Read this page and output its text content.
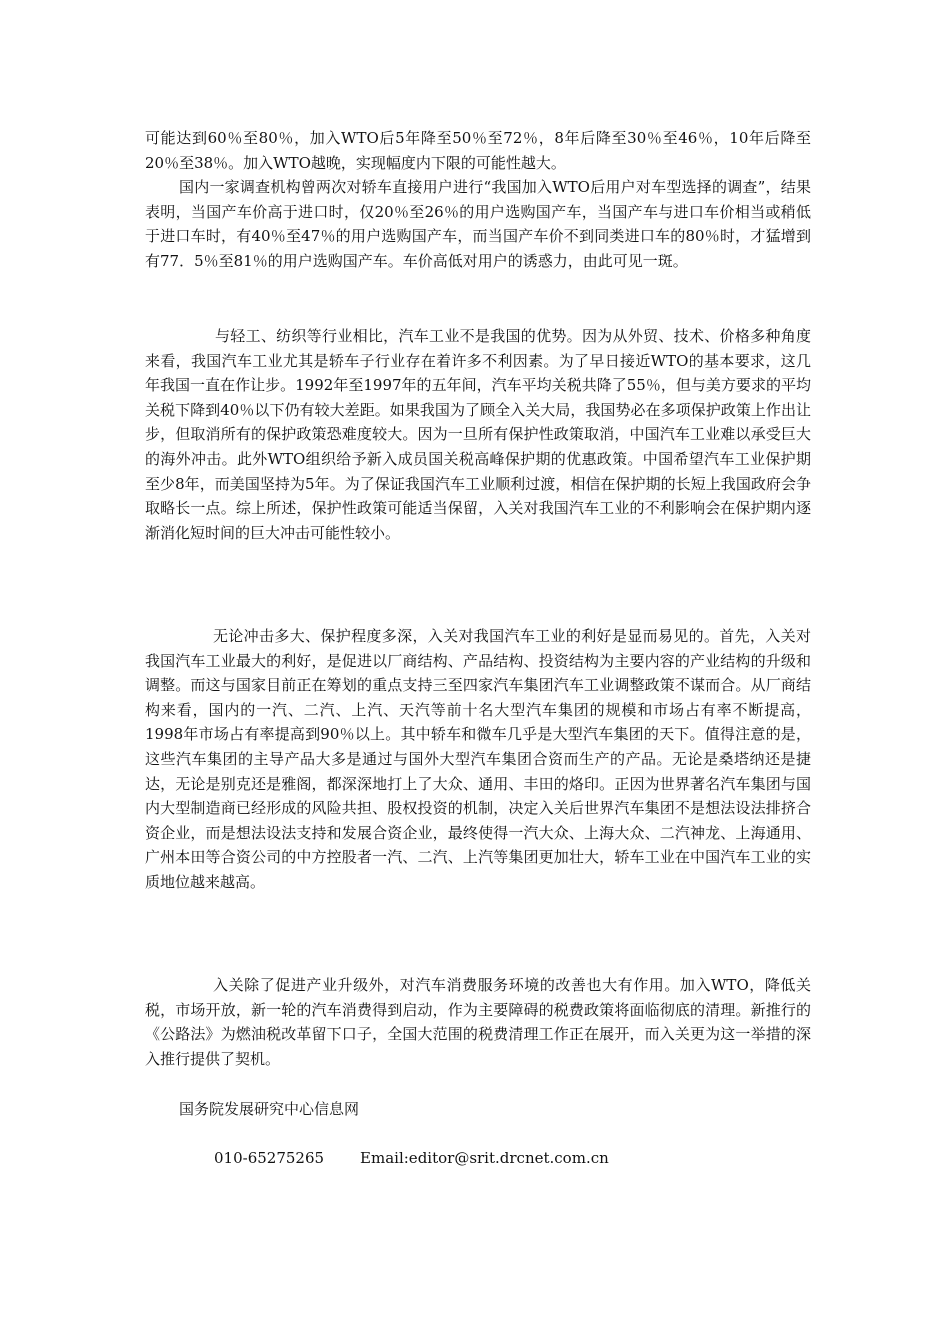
可能达到60％至80％，加入WTO后5年降至50％至72％，8年后降至30％至46％，10年后降至20％至38％。加入WTO越晚，实现幅度内下限的可能性越大。

国内一家调查机构曾两次对轿车直接用户进行“我国加入WTO后用户对车型选择的调查”，结果表明，当国产车价高于进口时，仅20％至26％的用户选购国产车，当国产车与进口车价相当或稍低于进口车时，有40％至47％的用户选购国产车，而当国产车价不到同类进口车的80％时，才猛增到有77．5％至81％的用户选购国产车。车价高低对用户的诱惑力，由此可见一斑。

与轻工、纺织等行业相比，汽车工业不是我国的优势。因为从外贸、技术、价格多种角度来看，我国汽车工业尤其是轿车子行业存在着许多不利因素。为了早日接近WTO的基本要求，这几年我国一直在作让步。1992年至1997年的五年间，汽车平均关税共降了55％，但与美方要求的平均关税下降到40％以下仍有较大差距。如果我国为了顾全入关大局，我国势必在多项保护政策上作出让步，但取消所有的保护政策恐难度较大。因为一旦所有保护性政策取消，中国汽车工业难以承受巨大的海外冲击。此外WTO组织给予新入成员国关税高峰保护期的优惠政策。中国希望汽车工业保护期至少8年，而美国坚持为5年。为了保证我国汽车工业顺利过渡，相信在保护期的长短上我国政府会争取略长一点。综上所述，保护性政策可能适当保留，入关对我国汽车工业的不利影响会在保护期内逐渐消化短时间的巨大冲击可能性较小。

无论冲击多大、保护程度多深，入关对我国汽车工业的利好是显而易见的。首先，入关对我国汽车工业最大的利好，是促进以厂商结构、产品结构、投资结构为主要内容的产业结构的升级和调整。而这与国家目前正在筹划的重点支持三至四家汽车集团汽车工业调整政策不谋而合。从厂商结构来看，国内的一汽、二汽、上汽、天汽等前十名大型汽车集团的规模和市场占有率不断提高，1998年市场占有率提高到90％以上。其中轿车和微车几乎是大型汽车集团的天下。值得注意的是，这些汽车集团的主导产品大多是通过与国外大型汽车集团合资而生产的产品。无论是桑塔纳还是捷达，无论是别克还是雅阁，都深深地打上了大众、通用、丰田的烙印。正因为世界著名汽车集团与国内大型制造商已经形成的风险共担、股权投资的机制，决定入关后世界汽车集团不是想法设法排挤合资企业，而是想法设法支持和发展合资企业，最终使得一汽大众、上海大众、二汽神龙、上海通用、广州本田等合资公司的中方控股者一汽、二汽、上汽等集团更加壮大，轿车工业在中国汽车工业的实质地位越来越高。

入关除了促进产业升级外，对汽车消费服务环境的改善也大有作用。加入WTO，降低关税，市场开放，新一轮的汽车消费得到启动，作为主要障碍的税费政策将面临彻底的清理。新推行的《公路法》为燃油税改革留下口子，全国大范围的税费清理工作正在展开，而入关更为这一举措的深入推行提供了契机。

国务院发展研究中心信息网

010-65275265 Email:editor@srit.drcnet.com.cn
